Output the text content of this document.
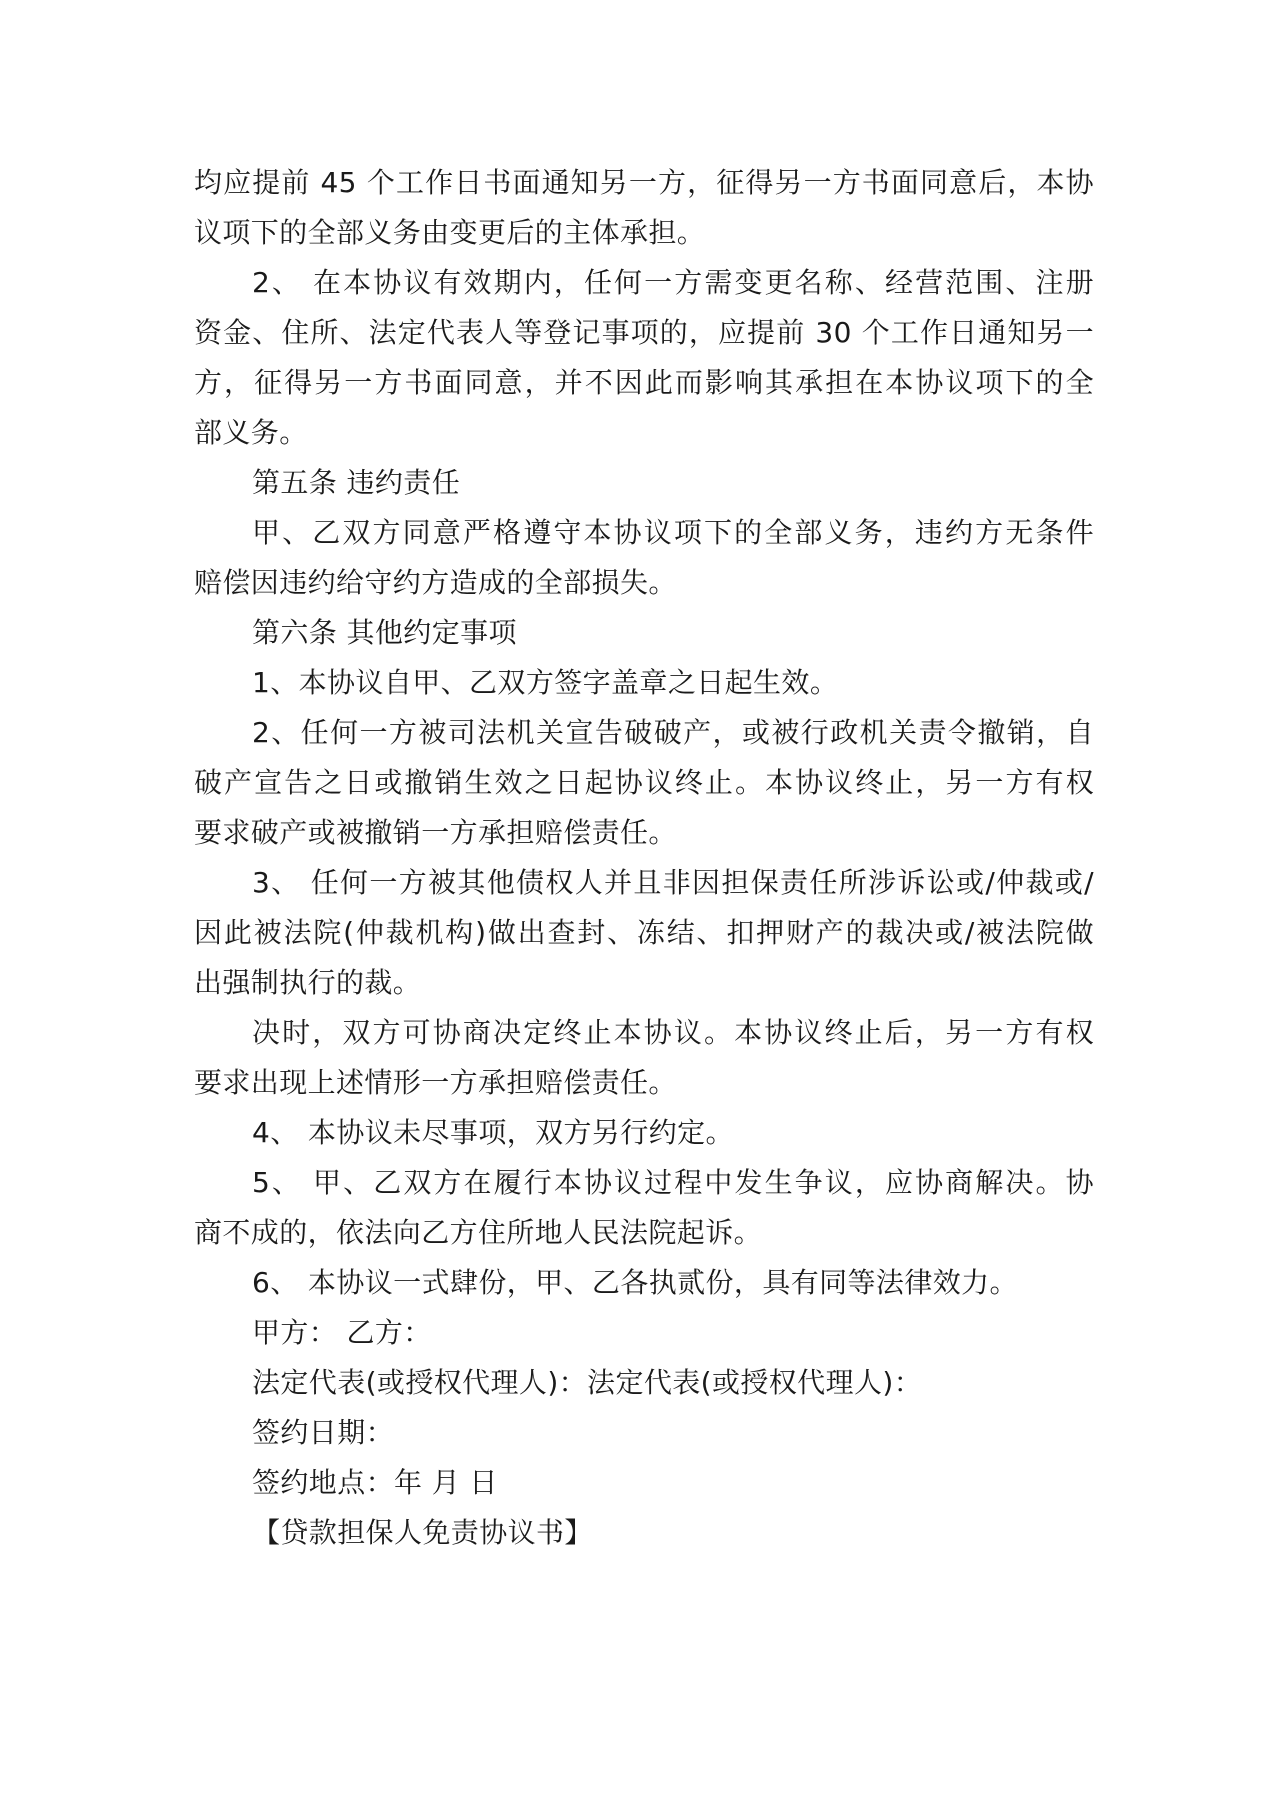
均应提前 45 个工作日书面通知另一方，征得另一方书面同意后，本协
议项下的全部义务由变更后的主体承担。
2、 在本协议有效期内，任何一方需变更名称、经营范围、注册
资金、住所、法定代表人等登记事项的，应提前 30 个工作日通知另一
方，征得另一方书面同意，并不因此而影响其承担在本协议项下的全
部义务。
第五条 违约责任
甲、乙双方同意严格遵守本协议项下的全部义务，违约方无条件
赔偿因违约给守约方造成的全部损失。
第六条 其他约定事项
1、本协议自甲、乙双方签字盖章之日起生效。
2、任何一方被司法机关宣告破破产，或被行政机关责令撤销，自
破产宣告之日或撤销生效之日起协议终止。本协议终止，另一方有权
要求破产或被撤销一方承担赔偿责任。
3、 任何一方被其他债权人并且非因担保责任所涉诉讼或/仲裁或/
因此被法院(仲裁机构)做出查封、冻结、扣押财产的裁决或/被法院做
出强制执行的裁。
决时，双方可协商决定终止本协议。本协议终止后，另一方有权
要求出现上述情形一方承担赔偿责任。
4、 本协议未尽事项，双方另行约定。
5、 甲、乙双方在履行本协议过程中发生争议，应协商解决。协
商不成的，依法向乙方住所地人民法院起诉。
6、 本协议一式肆份，甲、乙各执贰份，具有同等法律效力。
甲方： 乙方：
法定代表(或授权代理人)：法定代表(或授权代理人)：
签约日期：
签约地点：年 月 日
【贷款担保人免责协议书】
